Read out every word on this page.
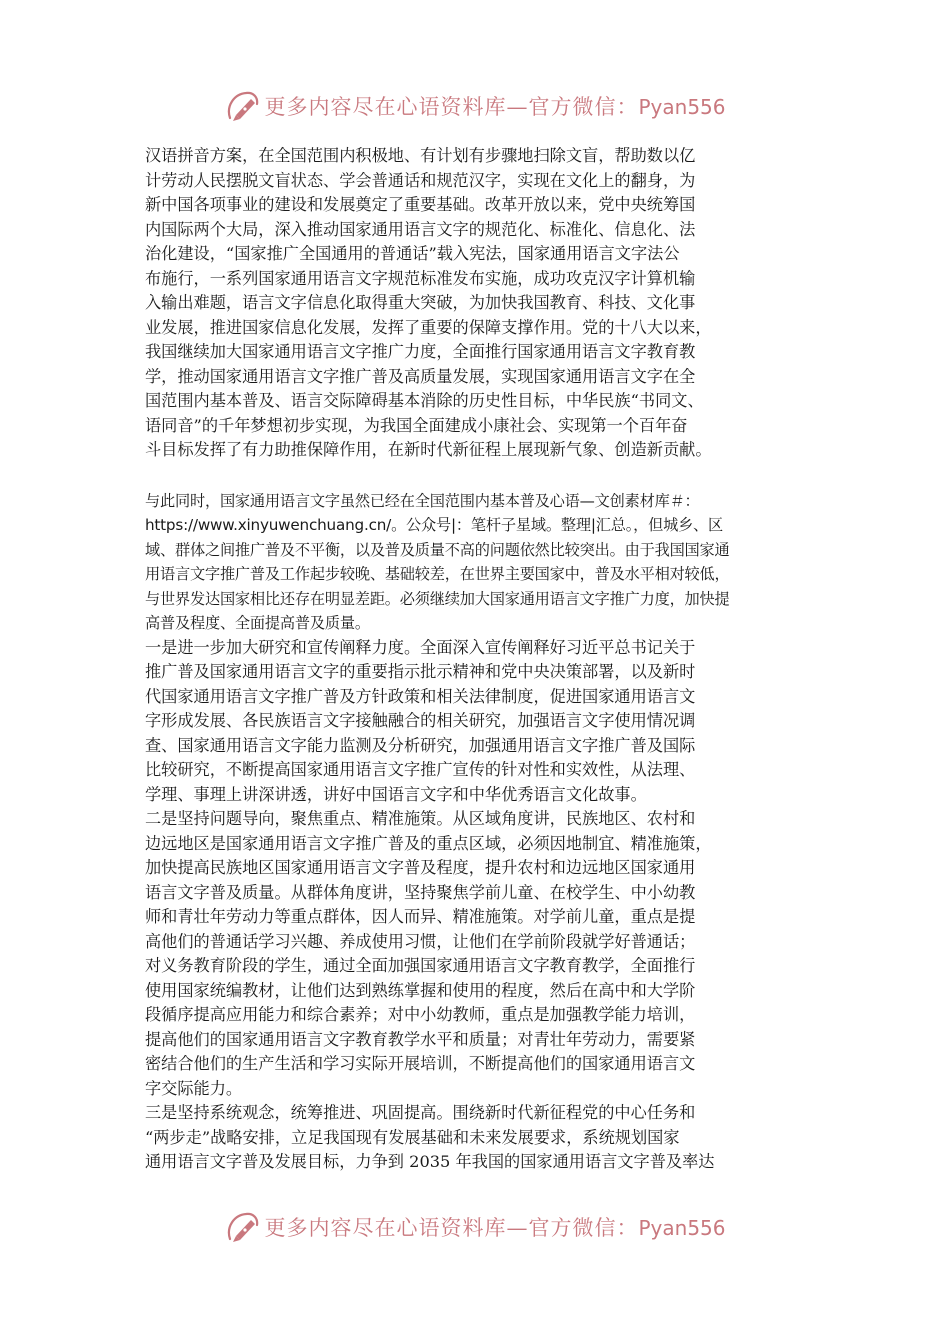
更多内容尽在心语资料库—官方微信：Pyan556
汉语拼音方案，在全国范围内积极地、有计划有步骤地扫除文盲，帮助数以亿
计劳动人民摆脱文盲状态、学会普通话和规范汉字，实现在文化上的翻身，为
新中国各项事业的建设和发展奠定了重要基础。改革开放以来，党中央统筹国
内国际两个大局，深入推动国家通用语言文字的规范化、标准化、信息化、法
治化建设，“国家推广全国通用的普通话”载入宪法，国家通用语言文字法公
布施行，一系列国家通用语言文字规范标准发布实施，成功攻克汉字计算机输
入输出难题，语言文字信息化取得重大突破，为加快我国教育、科技、文化事
业发展，推进国家信息化发展，发挥了重要的保障支撑作用。党的十八大以来，
我国继续加大国家通用语言文字推广力度，全面推行国家通用语言文字教育教
学，推动国家通用语言文字推广普及高质量发展，实现国家通用语言文字在全
国范围内基本普及、语言交际障碍基本消除的历史性目标，中华民族“书同文、
语同音”的千年梦想初步实现，为我国全面建成小康社会、实现第一个百年奋
斗目标发挥了有力助推保障作用，在新时代新征程上展现新气象、创造新贡献。
与此同时，国家通用语言文字虽然已经在全国范围内基本普及心语—文创素材库＃：
https://www.xinyuwenchuang.cn/。公众号|：笔杆子星域。整理|汇总。，但城乡、区
域、群体之间推广普及不平衡，以及普及质量不高的问题依然比较突出。由于我国国家通
用语言文字推广普及工作起步较晚、基础较差，在世界主要国家中，普及水平相对较低，
与世界发达国家相比还存在明显差距。必须继续加大国家通用语言文字推广力度，加快提
高普及程度、全面提高普及质量。
一是进一步加大研究和宣传阐释力度。全面深入宣传阐释好习近平总书记关于
推广普及国家通用语言文字的重要指示批示精神和党中央决策部署，以及新时
代国家通用语言文字推广普及方针政策和相关法律制度，促进国家通用语言文
字形成发展、各民族语言文字接触融合的相关研究，加强语言文字使用情况调
查、国家通用语言文字能力监测及分析研究，加强通用语言文字推广普及国际
比较研究，不断提高国家通用语言文字推广宣传的针对性和实效性，从法理、
学理、事理上讲深讲透，讲好中国语言文字和中华优秀语言文化故事。
二是坚持问题导向，聚焦重点、精准施策。从区域角度讲，民族地区、农村和
边远地区是国家通用语言文字推广普及的重点区域，必须因地制宜、精准施策，
加快提高民族地区国家通用语言文字普及程度，提升农村和边远地区国家通用
语言文字普及质量。从群体角度讲，坚持聚焦学前儿童、在校学生、中小幼教
师和青壮年劳动力等重点群体，因人而异、精准施策。对学前儿童，重点是提
高他们的普通话学习兴趣、养成使用习惯，让他们在学前阶段就学好普通话；
对义务教育阶段的学生，通过全面加强国家通用语言文字教育教学，全面推行
使用国家统编教材，让他们达到熟练掌握和使用的程度，然后在高中和大学阶
段循序提高应用能力和综合素养；对中小幼教师，重点是加强教学能力培训，
提高他们的国家通用语言文字教育教学水平和质量；对青壮年劳动力，需要紧
密结合他们的生产生活和学习实际开展培训，不断提高他们的国家通用语言文
字交际能力。
三是坚持系统观念，统筹推进、巩固提高。围绕新时代新征程党的中心任务和
“两步走”战略安排，立足我国现有发展基础和未来发展要求，系统规划国家
通用语言文字普及发展目标，力争到 2035 年我国的国家通用语言文字普及率达
更多内容尽在心语资料库—官方微信：Pyan556
